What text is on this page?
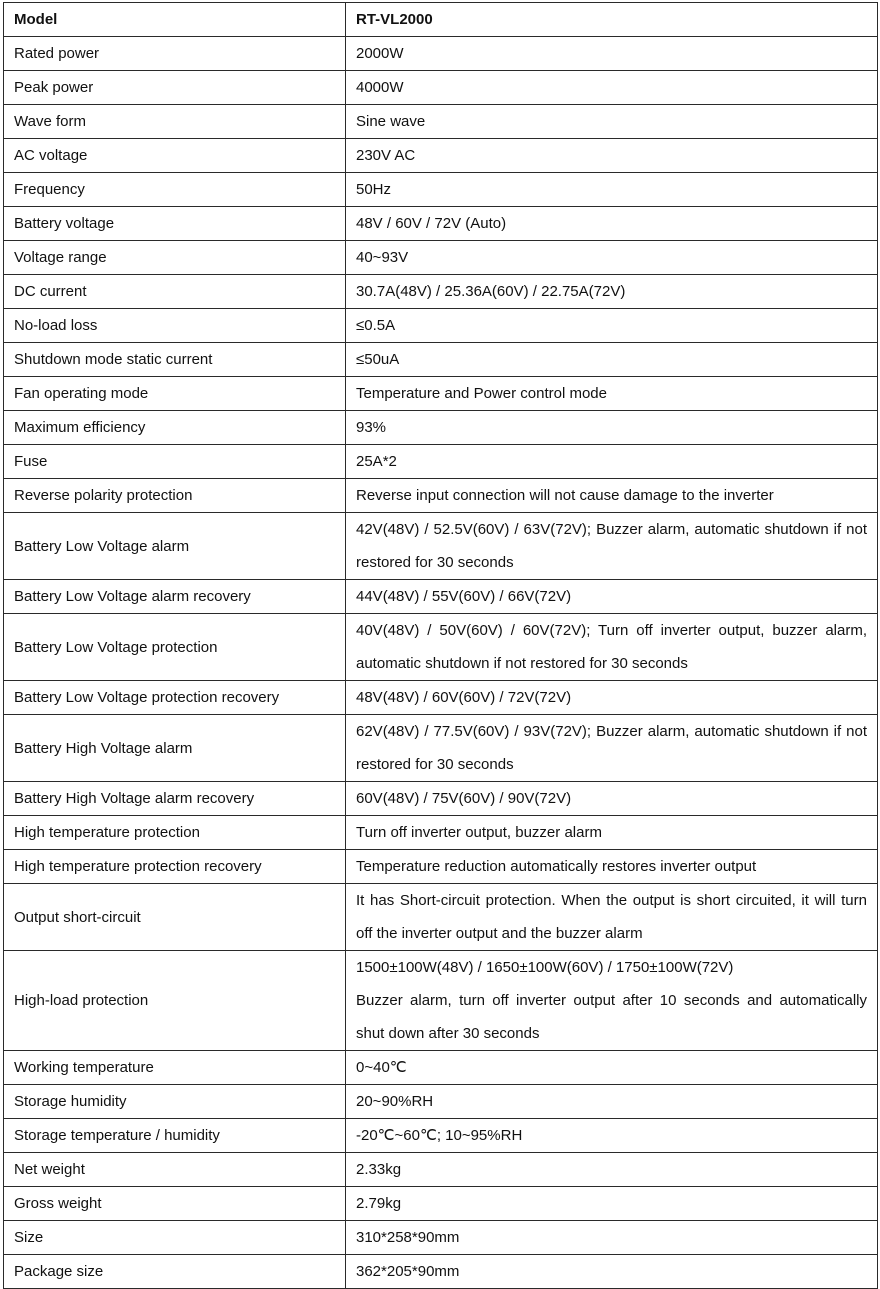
Model	RT-VL2000
Rated power	2000W

Peak power	4000W

Wave form	Sine wave

AC voltage	230V AC

Frequency	50Hz

Battery voltage	48V / 60V / 72V (Auto)

Voltage range	40~93V

DC current	30.7A(48V) / 25.36A(60V) / 22.75A(72V)

No-load loss	≤0.5A

Shutdown mode static current	≤50uA

Fan operating mode	Temperature and Power control mode

Maximum efficiency	93%

Fuse	25A*2

Reverse polarity protection	Reverse input connection will not cause damage to the inverter

Battery Low Voltage alarm	42V(48V) / 52.5V(60V) / 63V(72V); Buzzer alarm, automatic shutdown if not restored for 30 seconds

Battery Low Voltage alarm recovery	44V(48V) / 55V(60V) / 66V(72V)

Battery Low Voltage protection	40V(48V) / 50V(60V) / 60V(72V); Turn off inverter output, buzzer alarm, automatic shutdown if not restored for 30 seconds

Battery Low Voltage protection recovery	48V(48V) / 60V(60V) / 72V(72V)

Battery High Voltage alarm	62V(48V) / 77.5V(60V) / 93V(72V); Buzzer alarm, automatic shutdown if not restored for 30 seconds

Battery High Voltage alarm recovery	60V(48V) / 75V(60V) / 90V(72V)

High temperature protection	Turn off inverter output, buzzer alarm

High temperature protection recovery	Temperature reduction automatically restores inverter output

Output short-circuit	It has Short-circuit protection. When the output is short circuited, it will turn off the inverter output and the buzzer alarm

High-load protection	1500±100W(48V) / 1650±100W(60V) / 1750±100W(72V)
Buzzer alarm, turn off inverter output after 10 seconds and automatically shut down after 30 seconds

Working temperature	0~40℃

Storage humidity	20~90%RH

Storage temperature / humidity	-20℃~60℃; 10~95%RH

Net weight	2.33kg

Gross weight	2.79kg

Size	310*258*90mm

Package size	362*205*90mm
